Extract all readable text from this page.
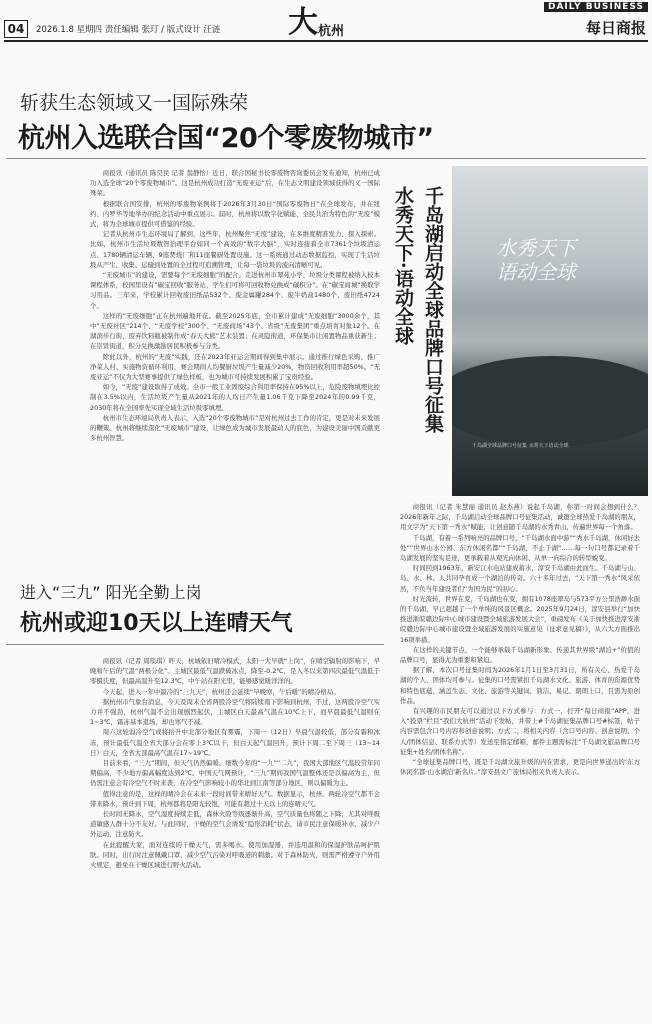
04	2026.1.8 星期四 责任编辑 张玎 / 版式设计 汪涟 大 杭州
DAILY BUSINESS
每日商报
斩获生态领域又一国际殊荣
杭州入选联合国“20个零废物城市”

商报讯（通讯员 陈昊民 记者 翁静怡）近日，联合国秘书长零废物咨询委员会发布通知，杭州已成功入选全球“20个零废物城市”。这是杭州成功打造“无废亚运”后，在生态文明建设领域获得的又一国际殊荣。

根据联合国安排，杭州的零废物案例将于2026年3月30日“国际零废物日”在全球发布，并在纽约、内罗毕等地举办的纪念活动中重点展示。届时，杭州将以数字化赋能、全民共治为特色的“无废”模式，将为全球城市提供可借鉴的经验。

记者从杭州市生态环境局了解到，这些年，杭州聚焦“无废”建设，在多维度精准发力、探入探索。比如，杭州市生活垃圾数智治理平台如同一个高效的“数字大脑”，实时连接着全市7361个垃圾清运点、1780辆清运车辆、9座焚烧厂和11座餐厨处置设施。这一系统通过动态数据监控，实现了生活垃圾从产生、收集、运输到处置的全过程可追溯管理，让每一袋垃圾的流向清晰可见。

“无废城市”的建设，需要每个“无废细胞”的配合。走进杭州市翠苑小学，垃圾分类课程被纳入校本课程体系，校园里设有“碳宝回收”服务站，学生们可将可回收物兑换成“碳积分”。在“碳宝商城”换取学习用品。三年来，学校累计回收废旧纸品532个、废金属罐284个、废牛奶盒1480个、废旧纸4724个。

这样的“无废细胞”正在杭州遍地开花。截至2025年底，全市累计建成“无废细胞”3000余个，其中“无废社区”214个、“无废学校”300个、“无废商场”43个、省级“无废集团”重点培育对象12个。在湖滨步行街，废弃饮料瓶被制作成“春天大熊”艺术装置；在灵隐街道，环保集市让闲置物品重获新生；在崇贤街道，积分兑换激励居民积极参与分类。

除此以外，杭州的“无废”实践，还在2023年亚运会期间得到集中展示。通过推行绿色采购、推广净菜入村、实施物资循环利用，赛会期间人均餐厨垃圾产生量减少20%，物资回收利用率超50%。“无废亚运”不仅为大型赛事提供了绿色样板，也为城市可持续发展积累了宝贵经验。

如今，“无废”建设取得了成效。全市一般工业固废综合利用率保持在95%以上，危险废物填埋比控制在3.5%以内，生活垃圾产生量从2021年的人均日产生量1.06千克下降至2024年的0.99千克，2030年将在全国率先实现全域生活垃圾零填埋。

杭州市生态环境局负责人表示，入选“20个零废物城市”是对杭州过去工作的肯定，更是对未来发展的鞭策。杭州将继续深化“无废城市”建设，让绿色成为城市发展最动人的底色，为建设美丽中国贡献更多杭州智慧。

进入“三九” 阳光全勤上岗
杭州或迎10天以上连晴天气

商报讯（记者 周琰琪）昨天，杭城依旧晴冷模式，太阳一大早就“上岗”，在晴空辐射的影响下，早晚和午后的气温“两极分化”。主城区最低气温跌破冰点，降至-0.2℃，是入冬以来第四次最低气温低于零摄氏度，但最高温升至12.3℃，中午站在阳光里，能够感觉暖洋洋的。

今天起，进入一年中最冷的“三九天”，杭州还会延续“早晚寒，午后暖”的晴冷格局。

据杭州市气象台消息，今天及周末全省两股冷空气将陆续南下影响到杭州，不过，这两股冷空气实力并不强劲，杭州气温不会出现剧烈起伏，主城区白天最高气温在10℃上下，而早晨最低气温则在1~3℃，霜冻基本退场，却也寒气不减。

周六这轮弱冷空气或将抬升中北部分地区有雾霾，下周一（12日）早晨气温较低，部分有霜和冰冻，预计最低气温全省大部分会在零上3℃以下，但白天起气温回升，预计下周二至下周三（13~14日）白天，全省大部最高气温在17~19℃。

目前来看，“三九”期间，但天气仍然偏暖。细数今年的“一九”“二九”，我国大部地区气温较常年同期偏高，不少地方偏高幅度达到2℃。中国天气网预计，“三九”期间我国气温整体还是以偏高为主，但仍需注意会有冷空气不时来袭，在冷空气影响较小的华北到江南等部分地区，则以偏暖为主。

值得注意的是，这样的晴冷会在未来一段时间带来晴好天气。数据显示，杭州，两轮冷空气都不会带来降水，预计到下周，杭州都将是阳光较饱，可能有超过十天以上的连晴天气。

长时间无降水，空气湿度持续走低，森林火险等级逐渐升高，空气质量也将随之下降，尤其对呼吸道敏感人群十分不友好。与此同时，干燥的空气会诱发“隐形消耗”状态，请市民注意保暖补水，减少户外运动，注意防火。

在此提醒大家，面对连续的干燥天气，需多喝水、使用加湿器，并选用温和的保湿护肤品呵护肌肤。同时，出行时注意佩戴口罩，减少空气污染对呼吸道的刺激。对于森林防火，则需严格遵守户外用火规定，避免在干燥区域进行野火活动。

千岛湖启动全球品牌口号征集
水秀天下·语动全球	水秀天下
语动全球
千岛湖全球品牌口号征集 水秀天下语动全球

商报讯（记者 朱慧丽 通讯员 赵杰燕）说起千岛湖，你第一时间会想到什么？2026年新年之际，千岛湖启动全球品牌口号征集活动，诚邀全球热爱千岛湖的朋友，用文字为“天下第一秀水”赋能，让创意随千岛湖的水秀青山，传遍世界每一个角落。

千岛湖，有着一系列响亮的品牌口号，“千岛湖水面中游”“秀水千岛湖，休闲好去处”“世界山水公园、东方休闲名都”“千岛湖，不止于湖”……每一句口号都记录着千岛湖发展的坚实足迹，更承载着从观光向休闲、从单一向综合的转型蜕变。

时间回到1963年，新安江水电站建成蓄水，淳安千岛湖由此而生。千岛湖与山、岛、水、林、人共同孕育成一个湖泊的传奇。六十多年过去，“天下第一秀水”风采依然，不负当年建设者们“为国为民”的初心。

时光流转，世界在变，千岛湖也在变，拥有1078座翠岛与573平方公里浩渺水面的千岛湖，早已超越了一个单纯的风景区概念。2025年9月24日，淳安县举行“加快推进浙皖赣边际中心城市建设暨全域旅游发展大会”，重磅发布《关于加快推进淳安浙皖赣边际中心城市建设暨全域旅游发展的实施意见（征求意见稿）》，从六大方面推出16项举措。

在这样的关键节点，一个能够承载千岛湖新形象、传递其世界级“湖泊+”价值的品牌口号，显得尤为重要和紧迫。

据了解，本次口号征集时间为2026年1月1日至3月31日，所有关心、热爱千岛湖的个人、团体均可参与。征集的口号需紧扣千岛湖水文化、旅游、体育的资源优势和特色底蕴，涵盖生态、文化、旅游等关键词，简洁、易记、朗朗上口，且需为原创作品。

有兴趣的市民朋友可以通过以下方式参与：方式一，打开“每日商报”APP，进入“投票”栏目“我们大杭州”活动下发帖，并带上#千岛湖征集品牌口号#标签，帖子内容需包含口号内容和创意说明；方式二，将相关内容（含口号内容、创意说明、个人/团体信息、联系方式等）发送至指定邮箱，邮件主题需标注“千岛湖文旅品牌口号征集+姓名/团体名称”。

“全球征集品牌口号，既是千岛湖文旅升级的内在需求，更是向世界递出的‘东方休闲名都·山水湖泊’新名片。”淳安县文广旅体局相关负责人表示。
